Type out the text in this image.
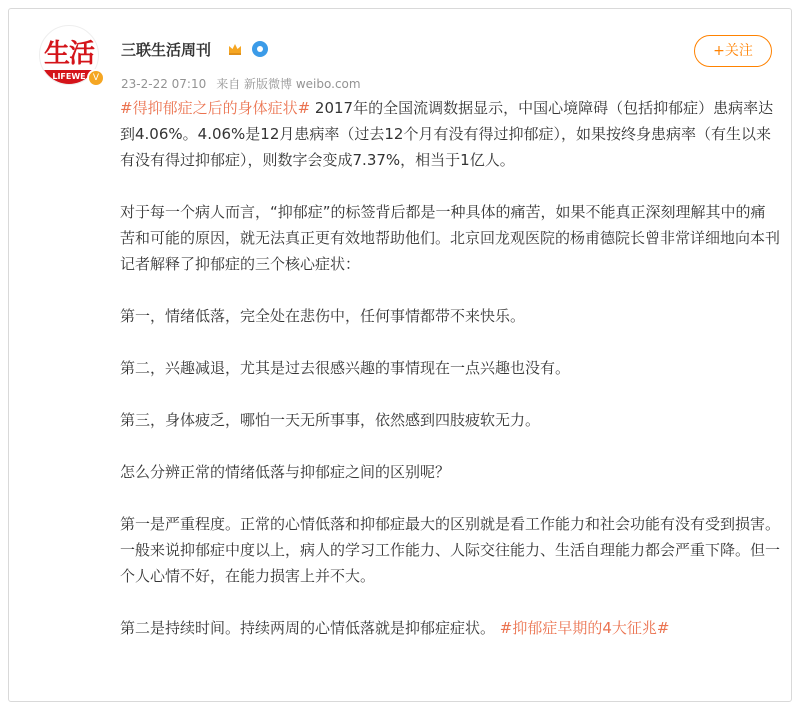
生活
LIFEWE V
三联生活周刊
23-2-22 07:10 来自 新版微博 weibo.com
+关注

#得抑郁症之后的身体症状# 2017年的全国流调数据显示，中国心境障碍（包括抑郁症）患病率达到4.06%。4.06%是12月患病率（过去12个月有没有得过抑郁症），如果按终身患病率（有生以来有没有得过抑郁症），则数字会变成7.37%，相当于1亿人。

对于每一个病人而言，“抑郁症”的标签背后都是一种具体的痛苦，如果不能真正深刻理解其中的痛苦和可能的原因，就无法真正更有效地帮助他们。北京回龙观医院的杨甫德院长曾非常详细地向本刊记者解释了抑郁症的三个核心症状：

第一，情绪低落，完全处在悲伤中，任何事情都带不来快乐。

第二，兴趣减退，尤其是过去很感兴趣的事情现在一点兴趣也没有。

第三，身体疲乏，哪怕一天无所事事，依然感到四肢疲软无力。

怎么分辨正常的情绪低落与抑郁症之间的区别呢？

第一是严重程度。正常的心情低落和抑郁症最大的区别就是看工作能力和社会功能有没有受到损害。一般来说抑郁症中度以上，病人的学习工作能力、人际交往能力、生活自理能力都会严重下降。但一个人心情不好，在能力损害上并不大。

第二是持续时间。持续两周的心情低落就是抑郁症症状。 #抑郁症早期的4大征兆#
